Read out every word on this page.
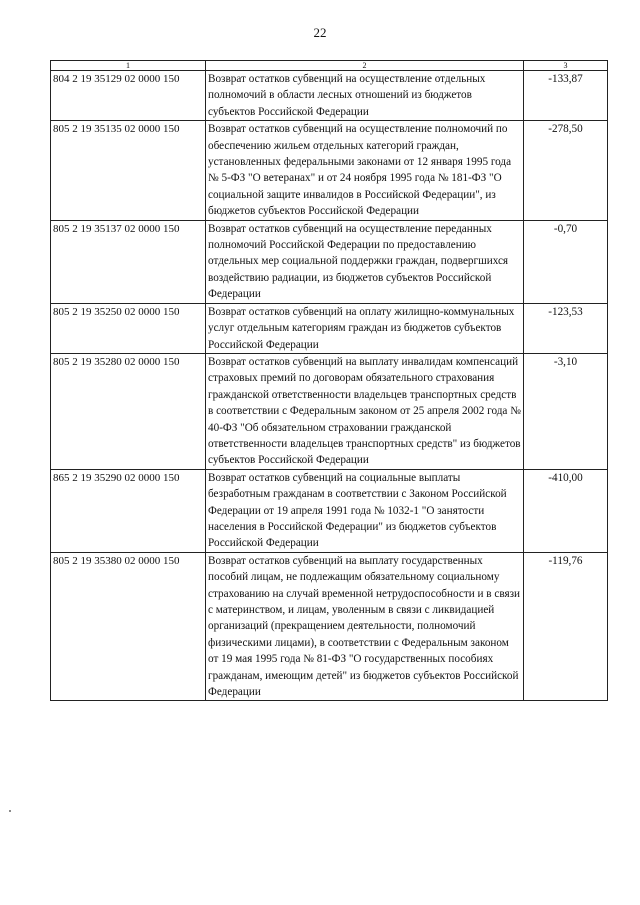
22
1	2	3
804 2 19 35129 02 0000 150	Возврат остатков субвенций на осуществление отдельных полномочий в области лесных отношений из бюджетов субъектов Российской Федерации	-133,87
805 2 19 35135 02 0000 150	Возврат остатков субвенций на осуществление полномочий по обеспечению жильем отдельных категорий граждан, установленных федеральными законами от 12 января 1995 года № 5-ФЗ "О ветеранах" и от 24 ноября 1995 года № 181-ФЗ "О социальной защите инвалидов в Российской Федерации", из бюджетов субъектов Российской Федерации	-278,50
805 2 19 35137 02 0000 150	Возврат остатков субвенций на осуществление переданных полномочий Российской Федерации по предоставлению отдельных мер социальной поддержки граждан, подвергшихся воздействию радиации, из бюджетов субъектов Российской Федерации	-0,70
805 2 19 35250 02 0000 150	Возврат остатков субвенций на оплату жилищно-коммунальных услуг отдельным категориям граждан из бюджетов субъектов Российской Федерации	-123,53
805 2 19 35280 02 0000 150	Возврат остатков субвенций на выплату инвалидам компенсаций страховых премий по договорам обязательного страхования гражданской ответственности владельцев транспортных средств в соответствии с Федеральным законом от 25 апреля 2002 года № 40-ФЗ "Об обязательном страховании гражданской ответственности владельцев транспортных средств" из бюджетов субъектов Российской Федерации	-3,10
865 2 19 35290 02 0000 150	Возврат остатков субвенций на социальные выплаты безработным гражданам в соответствии с Законом Российской Федерации от 19 апреля 1991 года № 1032-1 "О занятости населения в Российской Федерации" из бюджетов субъектов Российской Федерации	-410,00
805 2 19 35380 02 0000 150	Возврат остатков субвенций на выплату государственных пособий лицам, не подлежащим обязательному социальному страхованию на случай временной нетрудоспособности и в связи с материнством, и лицам, уволенным в связи с ликвидацией организаций (прекращением деятельности, полномочий физическими лицами), в соответствии с Федеральным законом от 19 мая 1995 года № 81-ФЗ "О государственных пособиях гражданам, имеющим детей" из бюджетов субъектов Российской Федерации	-119,76
